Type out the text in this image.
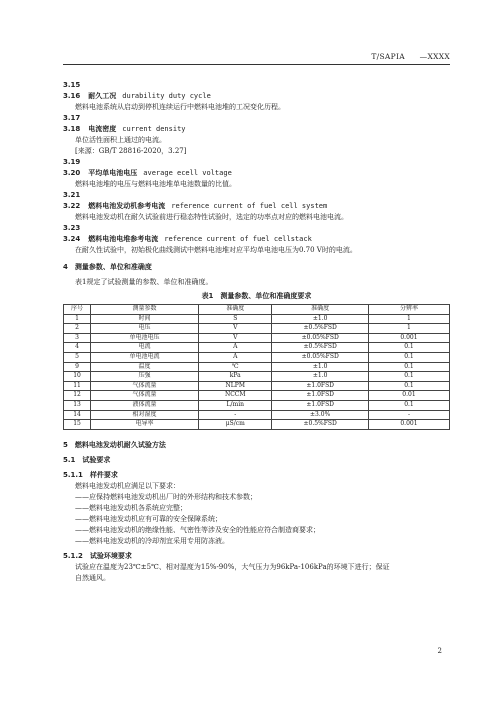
T/SAPIA —XXXX
3.15
3.16 耐久工况 durability duty cycle
燃料电池系统从启动到停机连续运行中燃料电池堆的工况变化历程。
3.17
3.18 电流密度 current density
单位活性面积上通过的电流。
[来源：GB/T 28816-2020，3.27]
3.19
3.20 平均单电池电压 average ecell voltage
燃料电池堆的电压与燃料电池堆单电池数量的比值。
3.21
3.22 燃料电池发动机参考电流 reference current of fuel cell system
燃料电池发动机在耐久试验前进行稳态特性试验时，选定的功率点对应的燃料电池电流。
3.23
3.24 燃料电池电堆参考电流 reference current of fuel cellstack
在耐久性试验中，初始极化曲线测试中燃料电池堆对应平均单电池电压为0.70 V时的电流。
4　测量参数、单位和准确度
表1规定了试验测量的参数、单位和准确度。
表1　测量参数、单位和准确度要求
序号	测量参数	准确度	准确度	分辨率
1	时间	S	±1.0	1
2	电压	V	±0.5%FSD	1
3	单电池电压	V	±0.05%FSD	0.001
4	电流	A	±0.5%FSD	0.1
5	单电池电流	A	±0.05%FSD	0.1
9	温度	℃	±1.0	0.1
10	压强	kPa	±1.0	0.1
11	气体流量	NLPM	±1.0FSD	0.1
12	气体流量	NCCM	±1.0FSD	0.01
13	液体流量	L/min	±1.0FSD	0.1
14	相对湿度	-	±3.0%	-
15	电导率	μS/cm	±0.5%FSD	0.001
5　燃料电池发动机耐久试验方法
5.1　试验要求
5.1.1　样件要求
燃料电池发动机应满足以下要求：
——应保持燃料电池发动机出厂时的外形结构和技术参数；
——燃料电池发动机各系统应完整；
——燃料电池发动机应有可靠的安全保障系统；
——燃料电池发动机的绝缘性能、气密性等涉及安全的性能应符合制造商要求；
——燃料电池发动机的冷却剂宜采用专用防冻液。
5.1.2　试验环境要求
试验应在温度为23℃±5℃、相对湿度为15%-90%，大气压力为96kPa-106kPa的环境下进行；保证
自然通风。
2
